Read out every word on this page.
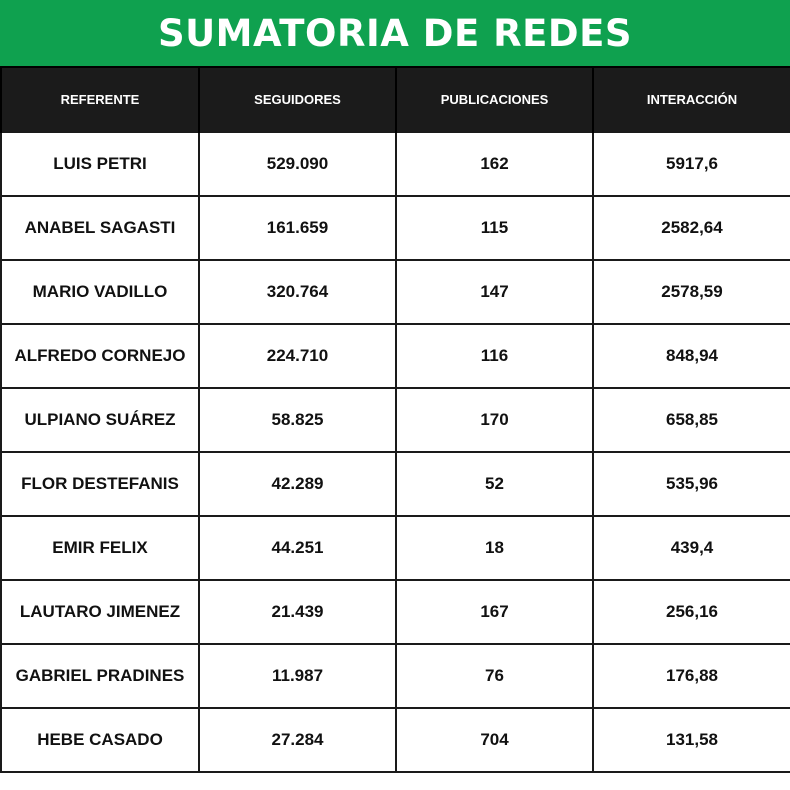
SUMATORIA DE REDES
REFERENTE	SEGUIDORES	PUBLICACIONES	INTERACCIÓN
LUIS PETRI	529.090	162	5917,6
ANABEL SAGASTI	161.659	115	2582,64
MARIO VADILLO	320.764	147	2578,59
ALFREDO CORNEJO	224.710	116	848,94
ULPIANO SUÁREZ	58.825	170	658,85
FLOR DESTEFANIS	42.289	52	535,96
EMIR FELIX	44.251	18	439,4
LAUTARO JIMENEZ	21.439	167	256,16
GABRIEL PRADINES	11.987	76	176,88
HEBE CASADO	27.284	704	131,58
